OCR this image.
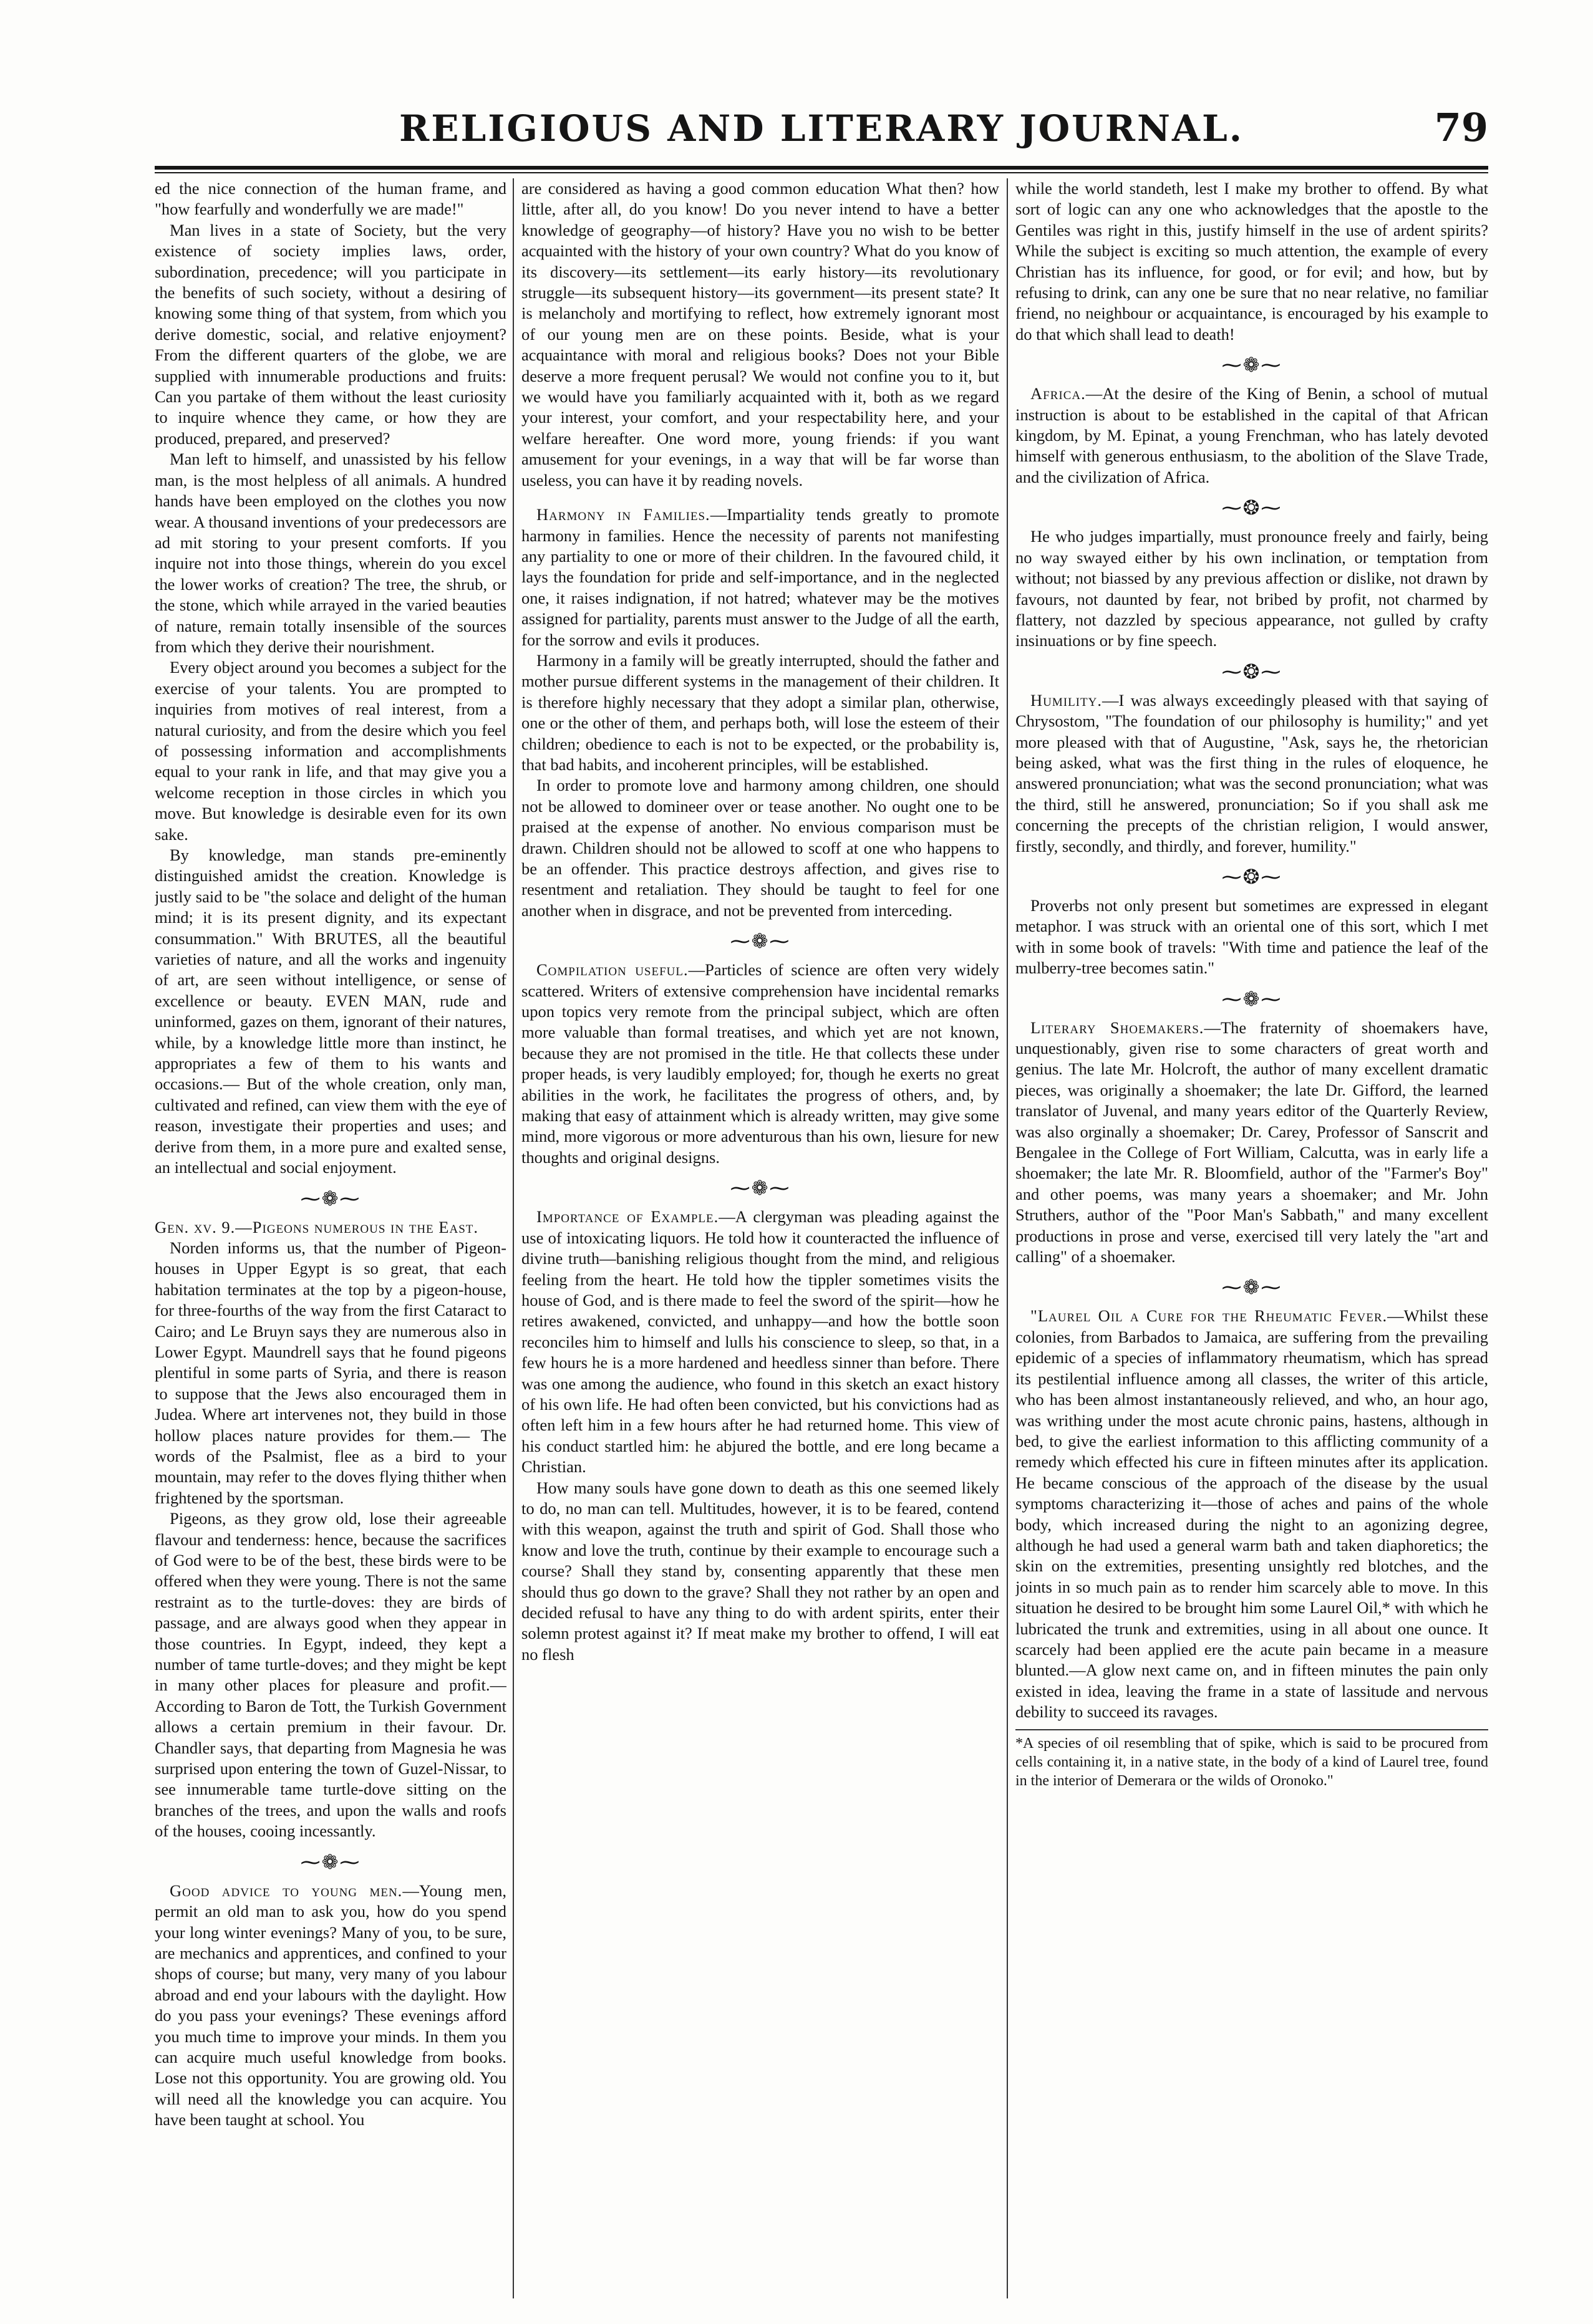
RELIGIOUS AND LITERARY JOURNAL.	79

ed the nice connection of the human frame, and "how fearfully and wonderfully we are made!"

Man lives in a state of Society, but the very existence of society implies laws, order, subordination, precedence; will you participate in the benefits of such society, without a desiring of knowing some thing of that system, from which you derive domestic, social, and relative enjoyment? From the different quarters of the globe, we are supplied with innumerable productions and fruits: Can you partake of them without the least curiosity to inquire whence they came, or how they are produced, prepared, and preserved?

Man left to himself, and unassisted by his fellow man, is the most helpless of all animals. A hundred hands have been employed on the clothes you now wear. A thousand inventions of your predecessors are ad mit storing to your present comforts. If you inquire not into those things, wherein do you excel the lower works of creation? The tree, the shrub, or the stone, which while arrayed in the varied beauties of nature, remain totally insensible of the sources from which they derive their nourishment.

Every object around you becomes a subject for the exercise of your talents. You are prompted to inquiries from motives of real interest, from a natural curiosity, and from the desire which you feel of possessing information and accomplishments equal to your rank in life, and that may give you a welcome reception in those circles in which you move. But knowledge is desirable even for its own sake.

By knowledge, man stands pre-eminently distinguished amidst the creation. Knowledge is justly said to be "the solace and delight of the human mind; it is its present dignity, and its expectant consummation." With BRUTES, all the beautiful varieties of nature, and all the works and ingenuity of art, are seen without intelligence, or sense of excellence or beauty. EVEN MAN, rude and uninformed, gazes on them, ignorant of their natures, while, by a knowledge little more than instinct, he appropriates a few of them to his wants and occasions.— But of the whole creation, only man, cultivated and refined, can view them with the eye of reason, investigate their properties and uses; and derive from them, in a more pure and exalted sense, an intellectual and social enjoyment.

⁓❁⁓

Gen. xv. 9.—Pigeons numerous in the East.

Norden informs us, that the number of Pigeon-houses in Upper Egypt is so great, that each habitation terminates at the top by a pigeon-house, for three-fourths of the way from the first Cataract to Cairo; and Le Bruyn says they are numerous also in Lower Egypt. Maundrell says that he found pigeons plentiful in some parts of Syria, and there is reason to suppose that the Jews also encouraged them in Judea. Where art intervenes not, they build in those hollow places nature provides for them.— The words of the Psalmist, flee as a bird to your mountain, may refer to the doves flying thither when frightened by the sportsman.

Pigeons, as they grow old, lose their agreeable flavour and tenderness: hence, because the sacrifices of God were to be of the best, these birds were to be offered when they were young. There is not the same restraint as to the turtle-doves: they are birds of passage, and are always good when they appear in those countries. In Egypt, indeed, they kept a number of tame turtle-doves; and they might be kept in many other places for pleasure and profit.— According to Baron de Tott, the Turkish Government allows a certain premium in their favour. Dr. Chandler says, that departing from Magnesia he was surprised upon entering the town of Guzel-Nissar, to see innumerable tame turtle-dove sitting on the branches of the trees, and upon the walls and roofs of the houses, cooing incessantly.

⁓❁⁓

Good advice to young men.—Young men, permit an old man to ask you, how do you spend your long winter evenings? Many of you, to be sure, are mechanics and apprentices, and confined to your shops of course; but many, very many of you labour abroad and end your labours with the daylight. How do you pass your evenings? These evenings afford you much time to improve your minds. In them you can acquire much useful knowledge from books. Lose not this opportunity. You are growing old. You will need all the knowledge you can acquire. You have been taught at school. You

are considered as having a good common education What then? how little, after all, do you know! Do you never intend to have a better knowledge of geography—of history? Have you no wish to be better acquainted with the history of your own country? What do you know of its discovery—its settlement—its early history—its revolutionary struggle—its subsequent history—its government—its present state? It is melancholy and mortifying to reflect, how extremely ignorant most of our young men are on these points. Beside, what is your acquaintance with moral and religious books? Does not your Bible deserve a more frequent perusal? We would not confine you to it, but we would have you familiarly acquainted with it, both as we regard your interest, your comfort, and your respectability here, and your welfare hereafter. One word more, young friends: if you want amusement for your evenings, in a way that will be far worse than useless, you can have it by reading novels.

Harmony in Families.—Impartiality tends greatly to promote harmony in families. Hence the necessity of parents not manifesting any partiality to one or more of their children. In the favoured child, it lays the foundation for pride and self-importance, and in the neglected one, it raises indignation, if not hatred; whatever may be the motives assigned for partiality, parents must answer to the Judge of all the earth, for the sorrow and evils it produces.

Harmony in a family will be greatly interrupted, should the father and mother pursue different systems in the management of their children. It is therefore highly necessary that they adopt a similar plan, otherwise, one or the other of them, and perhaps both, will lose the esteem of their children; obedience to each is not to be expected, or the probability is, that bad habits, and incoherent principles, will be established.

In order to promote love and harmony among children, one should not be allowed to domineer over or tease another. No ought one to be praised at the expense of another. No envious comparison must be drawn. Children should not be allowed to scoff at one who happens to be an offender. This practice destroys affection, and gives rise to resentment and retaliation. They should be taught to feel for one another when in disgrace, and not be prevented from interceding.

⁓❁⁓

Compilation useful.—Particles of science are often very widely scattered. Writers of extensive comprehension have incidental remarks upon topics very remote from the principal subject, which are often more valuable than formal treatises, and which yet are not known, because they are not promised in the title. He that collects these under proper heads, is very laudibly employed; for, though he exerts no great abilities in the work, he facilitates the progress of others, and, by making that easy of attainment which is already written, may give some mind, more vigorous or more adventurous than his own, liesure for new thoughts and original designs.

⁓❁⁓

Importance of Example.—A clergyman was pleading against the use of intoxicating liquors. He told how it counteracted the influence of divine truth—banishing religious thought from the mind, and religious feeling from the heart. He told how the tippler sometimes visits the house of God, and is there made to feel the sword of the spirit—how he retires awakened, convicted, and unhappy—and how the bottle soon reconciles him to himself and lulls his conscience to sleep, so that, in a few hours he is a more hardened and heedless sinner than before. There was one among the audience, who found in this sketch an exact history of his own life. He had often been convicted, but his convictions had as often left him in a few hours after he had returned home. This view of his conduct startled him: he abjured the bottle, and ere long became a Christian.

How many souls have gone down to death as this one seemed likely to do, no man can tell. Multitudes, however, it is to be feared, contend with this weapon, against the truth and spirit of God. Shall those who know and love the truth, continue by their example to encourage such a course? Shall they stand by, consenting apparently that these men should thus go down to the grave? Shall they not rather by an open and decided refusal to have any thing to do with ardent spirits, enter their solemn protest against it? If meat make my brother to offend, I will eat no flesh

while the world standeth, lest I make my brother to offend. By what sort of logic can any one who acknowledges that the apostle to the Gentiles was right in this, justify himself in the use of ardent spirits? While the subject is exciting so much attention, the example of every Christian has its influence, for good, or for evil; and how, but by refusing to drink, can any one be sure that no near relative, no familiar friend, no neighbour or acquaintance, is encouraged by his example to do that which shall lead to death!

⁓❁⁓

Africa.—At the desire of the King of Benin, a school of mutual instruction is about to be established in the capital of that African kingdom, by M. Epinat, a young Frenchman, who has lately devoted himself with generous enthusiasm, to the abolition of the Slave Trade, and the civilization of Africa.

⁓❂⁓

He who judges impartially, must pronounce freely and fairly, being no way swayed either by his own inclination, or temptation from without; not biassed by any previous affection or dislike, not drawn by favours, not daunted by fear, not bribed by profit, not charmed by flattery, not dazzled by specious appearance, not gulled by crafty insinuations or by fine speech.

⁓❂⁓

Humility.—I was always exceedingly pleased with that saying of Chrysostom, "The foundation of our philosophy is humility;" and yet more pleased with that of Augustine, "Ask, says he, the rhetorician being asked, what was the first thing in the rules of eloquence, he answered pronunciation; what was the second pronunciation; what was the third, still he answered, pronunciation; So if you shall ask me concerning the precepts of the christian religion, I would answer, firstly, secondly, and thirdly, and forever, humility."

⁓❂⁓

Proverbs not only present but sometimes are expressed in elegant metaphor. I was struck with an oriental one of this sort, which I met with in some book of travels: "With time and patience the leaf of the mulberry-tree becomes satin."

⁓❁⁓

Literary Shoemakers.—The fraternity of shoemakers have, unquestionably, given rise to some characters of great worth and genius. The late Mr. Holcroft, the author of many excellent dramatic pieces, was originally a shoemaker; the late Dr. Gifford, the learned translator of Juvenal, and many years editor of the Quarterly Review, was also orginally a shoemaker; Dr. Carey, Professor of Sanscrit and Bengalee in the College of Fort William, Calcutta, was in early life a shoemaker; the late Mr. R. Bloomfield, author of the "Farmer's Boy" and other poems, was many years a shoemaker; and Mr. John Struthers, author of the "Poor Man's Sabbath," and many excellent productions in prose and verse, exercised till very lately the "art and calling" of a shoemaker.

⁓❁⁓

"Laurel Oil a Cure for the Rheumatic Fever.—Whilst these colonies, from Barbados to Jamaica, are suffering from the prevailing epidemic of a species of inflammatory rheumatism, which has spread its pestilential influence among all classes, the writer of this article, who has been almost instantaneously relieved, and who, an hour ago, was writhing under the most acute chronic pains, hastens, although in bed, to give the earliest information to this afflicting community of a remedy which effected his cure in fifteen minutes after its application. He became conscious of the approach of the disease by the usual symptoms characterizing it—those of aches and pains of the whole body, which increased during the night to an agonizing degree, although he had used a general warm bath and taken diaphoretics; the skin on the extremities, presenting unsightly red blotches, and the joints in so much pain as to render him scarcely able to move. In this situation he desired to be brought him some Laurel Oil,* with which he lubricated the trunk and extremities, using in all about one ounce. It scarcely had been applied ere the acute pain became in a measure blunted.—A glow next came on, and in fifteen minutes the pain only existed in idea, leaving the frame in a state of lassitude and nervous debility to succeed its ravages.

*A species of oil resembling that of spike, which is said to be procured from cells containing it, in a native state, in the body of a kind of Laurel tree, found in the interior of Demerara or the wilds of Oronoko."
